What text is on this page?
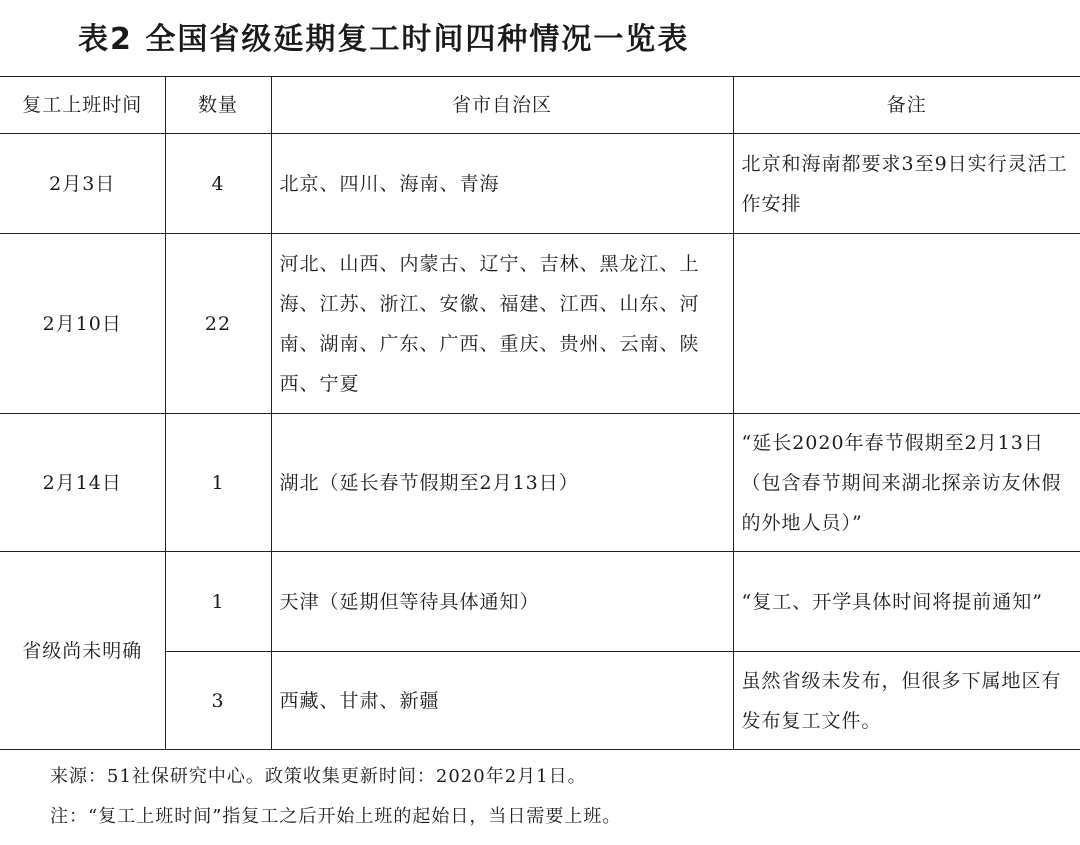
表2 全国省级延期复工时间四种情况一览表
复工上班时间	数量	省市自治区	备注
2月3日	4	北京、四川、海南、青海	北京和海南都要求3至9日实行灵活工作安排
2月10日	22	河北、山西、内蒙古、辽宁、吉林、黑龙江、上海、江苏、浙江、安徽、福建、江西、山东、河南、湖南、广东、广西、重庆、贵州、云南、陕西、宁夏	
2月14日	1	湖北（延长春节假期至2月13日）	“延长2020年春节假期至2月13日（包含春节期间来湖北探亲访友休假的外地人员）”
省级尚未明确	1	天津（延期但等待具体通知）	“复工、开学具体时间将提前通知”
	3	西藏、甘肃、新疆	虽然省级未发布，但很多下属地区有发布复工文件。
来源：51社保研究中心。政策收集更新时间：2020年2月1日。
注：“复工上班时间”指复工之后开始上班的起始日，当日需要上班。
